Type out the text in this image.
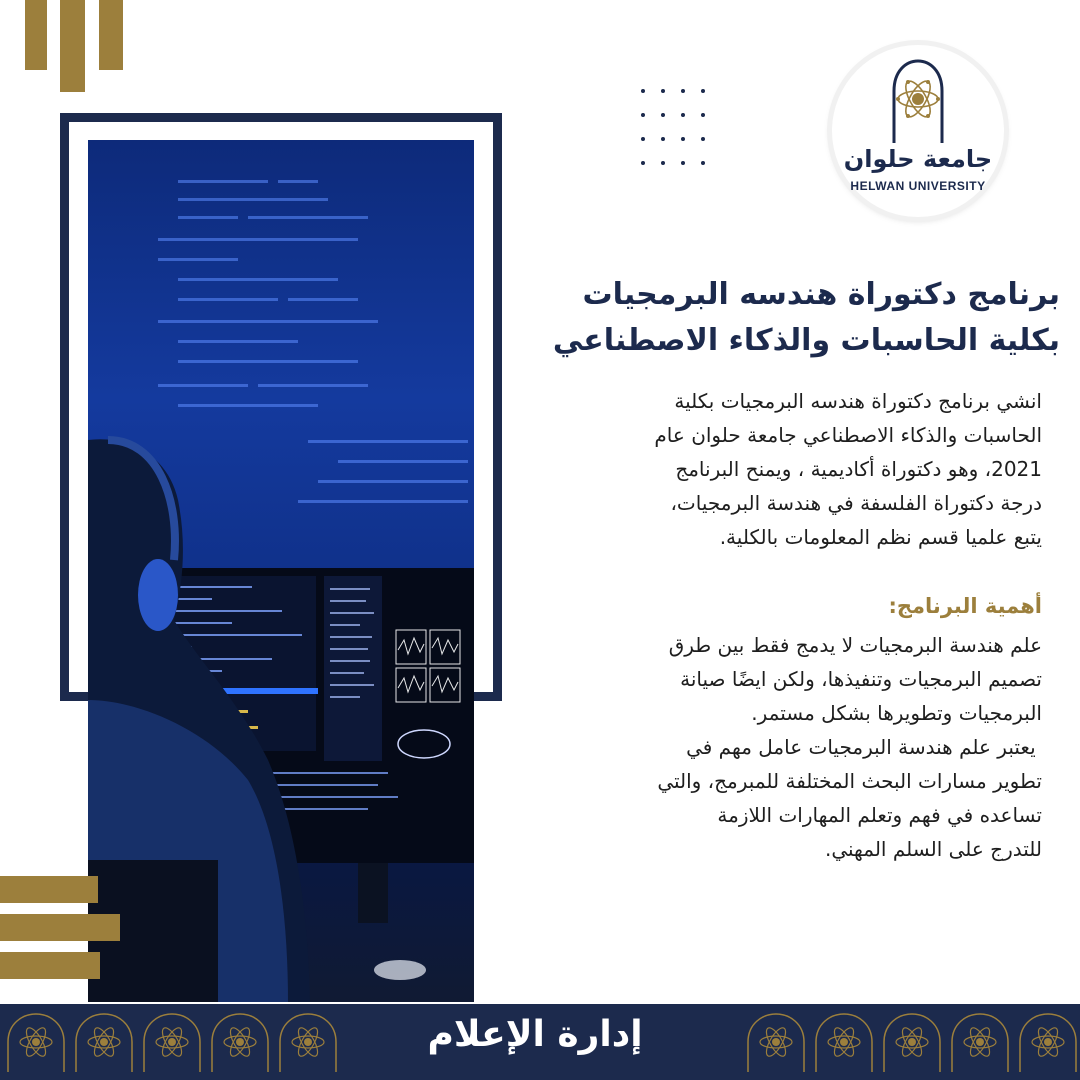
جامعة حلوان
HELWAN UNIVERSITY
برنامج دكتوراة هندسه البرمجيات
بكلية الحاسبات والذكاء الاصطناعي
انشي برنامج دكتوراة هندسه البرمجيات بكلية
الحاسبات والذكاء الاصطناعي جامعة حلوان عام
2021، وهو دكتوراة أكاديمية ، ويمنح البرنامج
درجة دكتوراة الفلسفة في هندسة البرمجيات،
يتبع علميا قسم نظم المعلومات بالكلية.
أهمية البرنامج:
علم هندسة البرمجيات لا يدمج فقط بين طرق
تصميم البرمجيات وتنفيذها، ولكن ايضًا صيانة
البرمجيات وتطويرها بشكل مستمر.
يعتبر علم هندسة البرمجيات عامل مهم في
تطوير مسارات البحث المختلفة للمبرمج، والتي
تساعده في فهم وتعلم المهارات اللازمة
للتدرج على السلم المهني.
إدارة الإعلام
